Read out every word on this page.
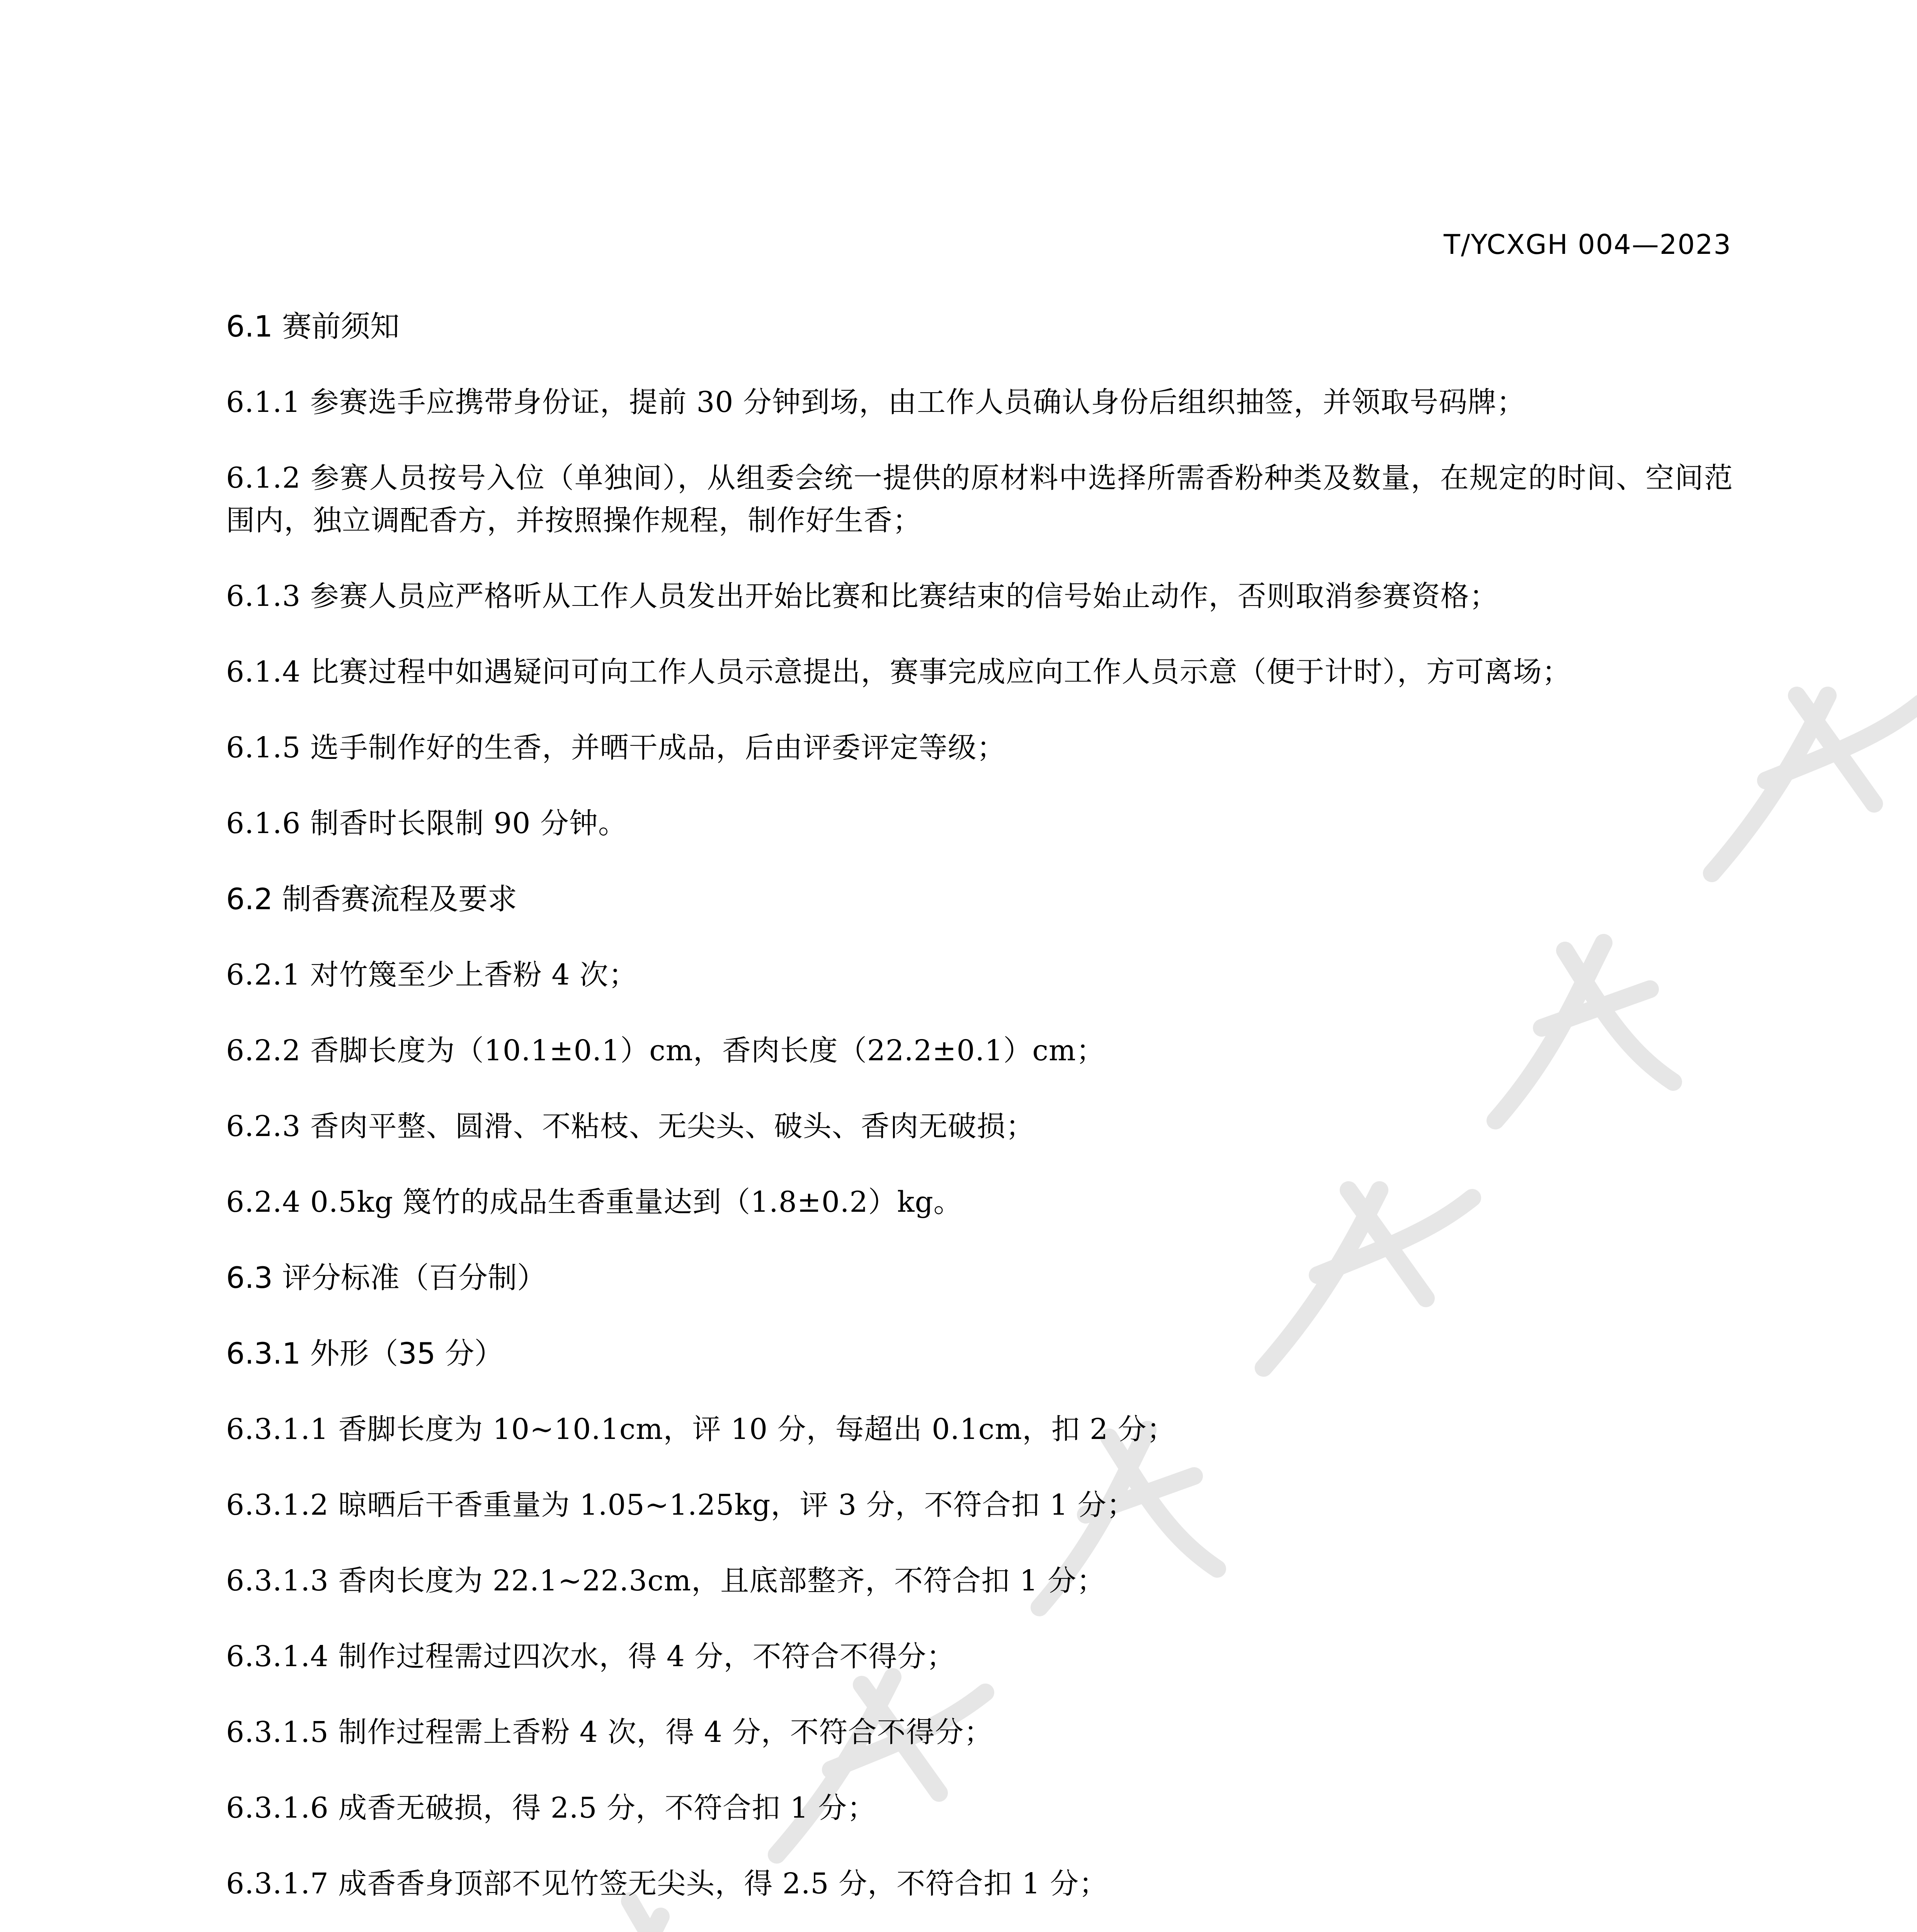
T/YCXGH 004—2023
6.1 赛前须知
6.1.1 参赛选手应携带身份证，提前 30 分钟到场，由工作人员确认身份后组织抽签，并领取号码牌；
6.1.2 参赛人员按号入位（单独间），从组委会统一提供的原材料中选择所需香粉种类及数量，在规定的时间、空间范围内，独立调配香方，并按照操作规程，制作好生香；
6.1.3 参赛人员应严格听从工作人员发出开始比赛和比赛结束的信号始止动作，否则取消参赛资格；
6.1.4 比赛过程中如遇疑问可向工作人员示意提出，赛事完成应向工作人员示意（便于计时），方可离场；
6.1.5 选手制作好的生香，并晒干成品，后由评委评定等级；
6.1.6 制香时长限制 90 分钟。
6.2 制香赛流程及要求
6.2.1 对竹篾至少上香粉 4 次；
6.2.2 香脚长度为（10.1±0.1）cm，香肉长度（22.2±0.1）cm；
6.2.3 香肉平整、圆滑、不粘枝、无尖头、破头、香肉无破损；
6.2.4 0.5kg 篾竹的成品生香重量达到（1.8±0.2）kg。
6.3 评分标准（百分制）
6.3.1 外形（35 分）
6.3.1.1 香脚长度为 10~10.1cm，评 10 分，每超出 0.1cm，扣 2 分；
6.3.1.2 晾晒后干香重量为 1.05~1.25kg，评 3 分，不符合扣 1 分；
6.3.1.3 香肉长度为 22.1~22.3cm，且底部整齐，不符合扣 1 分；
6.3.1.4 制作过程需过四次水，得 4 分，不符合不得分；
6.3.1.5 制作过程需上香粉 4 次，得 4 分，不符合不得分；
6.3.1.6 成香无破损，得 2.5 分，不符合扣 1 分；
6.3.1.7 成香香身顶部不见竹签无尖头，得 2.5 分，不符合扣 1 分；
